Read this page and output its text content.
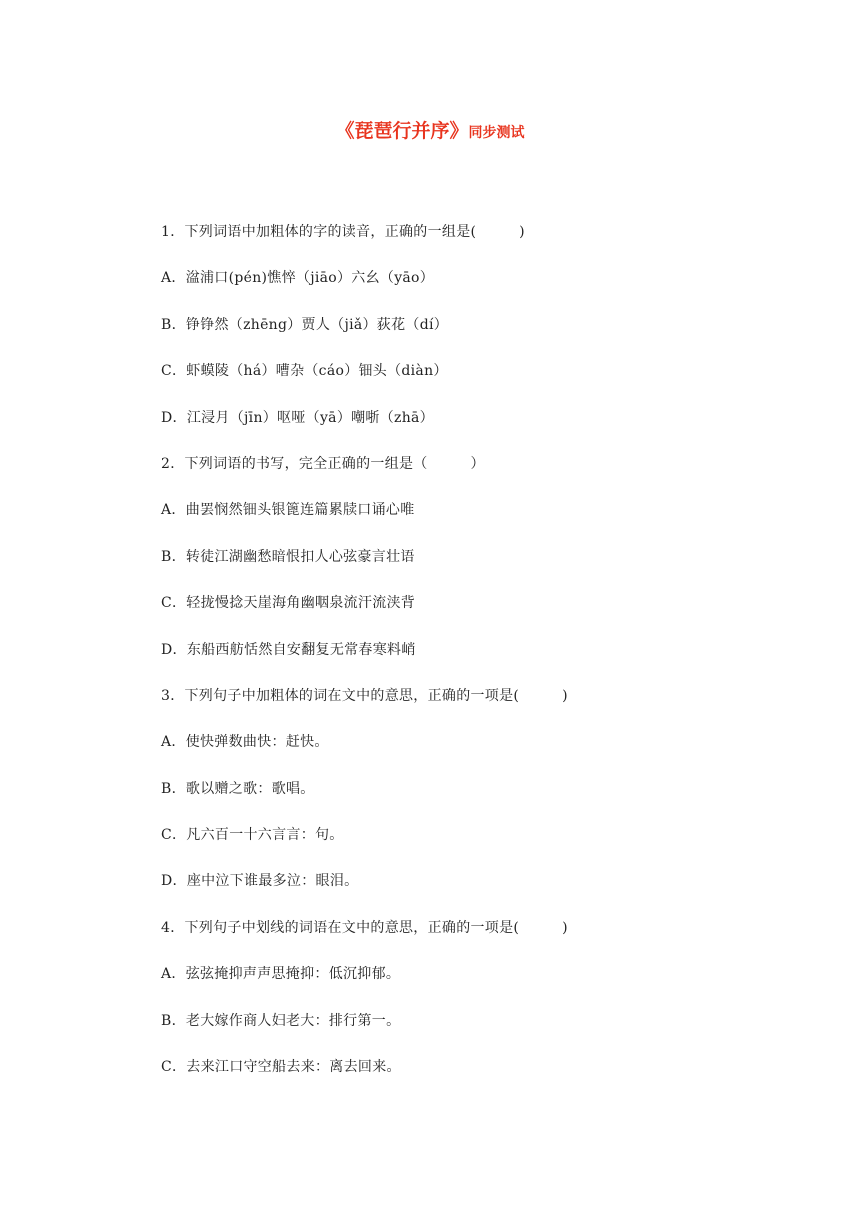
《琵琶行并序》同步测试
1．下列词语中加粗体的字的读音，正确的一组是(　　　)
A．湓浦口(pén)憔悴（jiāo）六幺（yāo）
B．铮铮然（zhēng）贾人（jiǎ）荻花（dí）
C．虾蟆陵（há）嘈杂（cáo）钿头（diàn）
D．江浸月（jīn）呕哑（yā）嘲哳（zhā）
2．下列词语的书写，完全正确的一组是（　　　）
A．曲罢悯然钿头银篦连篇累牍口诵心唯
B．转徒江湖幽愁暗恨扣人心弦豪言壮语
C．轻拢慢捻天崖海角幽咽泉流汗流浃背
D．东船西舫恬然自安翻复无常春寒料峭
3．下列句子中加粗体的词在文中的意思，正确的一项是(　　　)
A．使快弹数曲快：赶快。
B．歌以赠之歌：歌唱。
C．凡六百一十六言言：句。
D．座中泣下谁最多泣：眼泪。
4．下列句子中划线的词语在文中的意思，正确的一项是(　　　)
A．弦弦掩抑声声思掩抑：低沉抑郁。
B．老大嫁作商人妇老大：排行第一。
C．去来江口守空船去来：离去回来。
